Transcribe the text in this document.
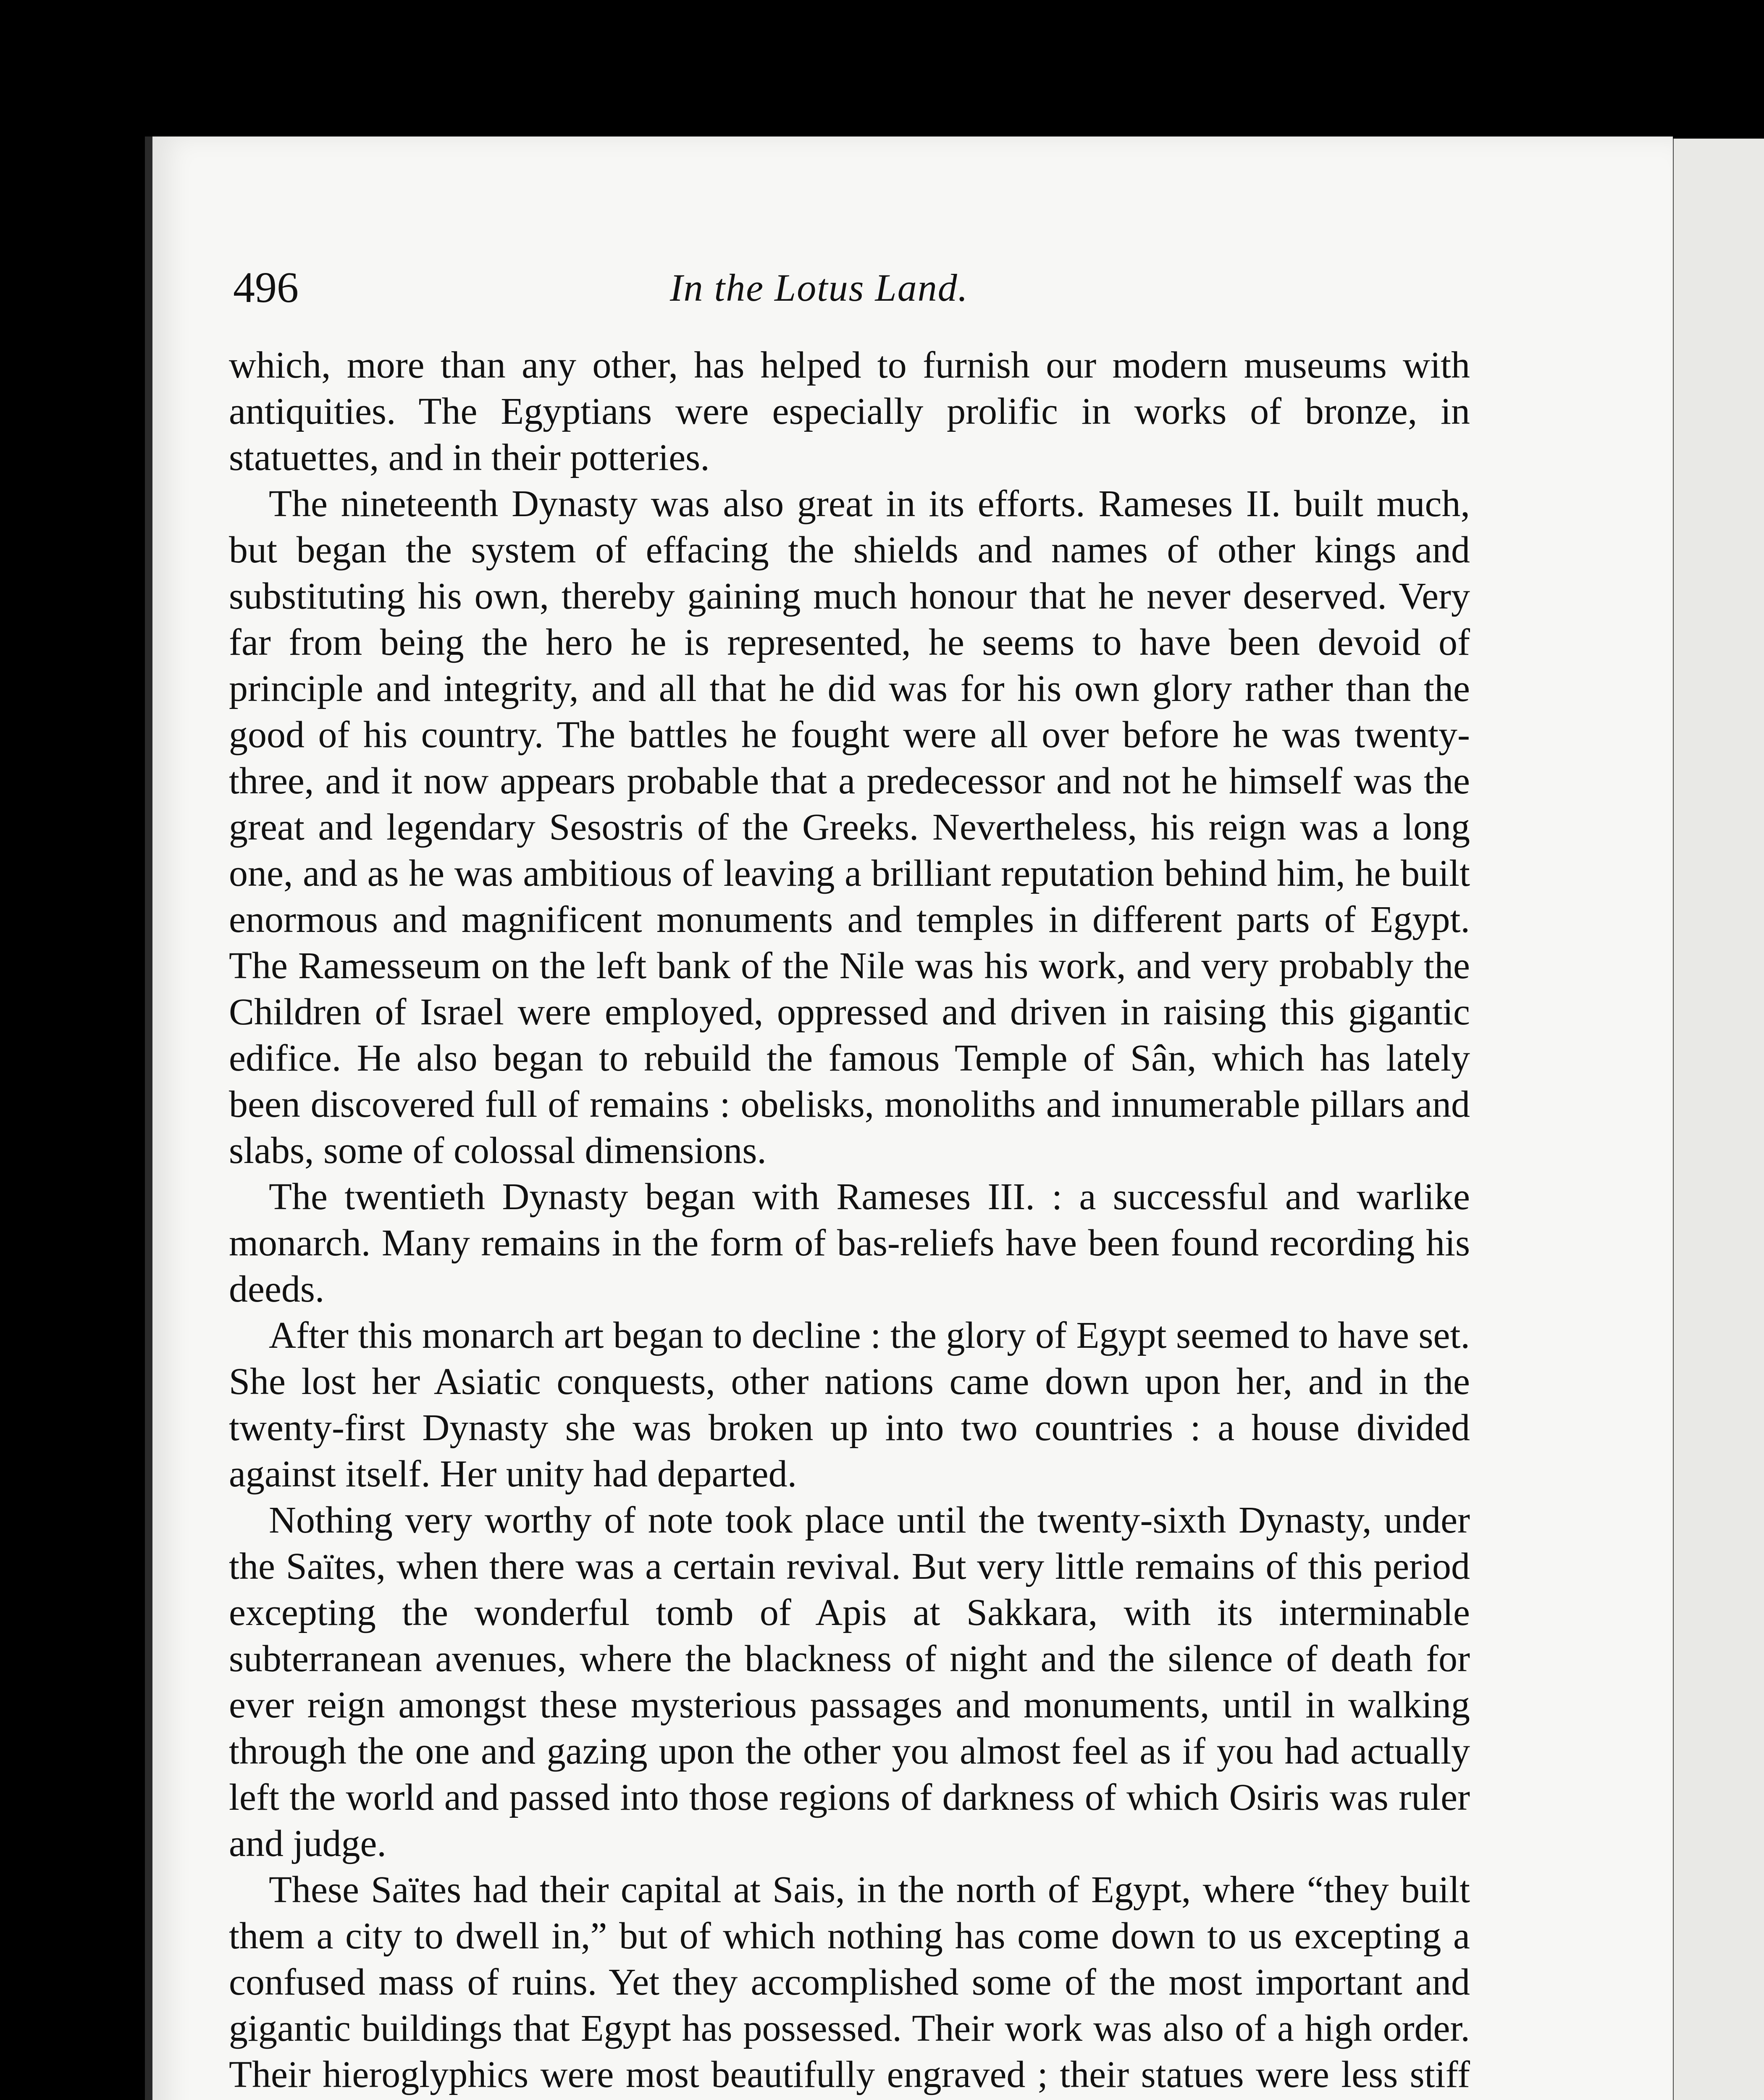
496	In the Lotus Land.

which, more than any other, has helped to furnish our modern museums with antiquities. The Egyptians were especially prolific in works of bronze, in statuettes, and in their potteries.

The nineteenth Dynasty was also great in its efforts. Rameses II. built much, but began the system of effacing the shields and names of other kings and substituting his own, thereby gaining much honour that he never deserved. Very far from being the hero he is represented, he seems to have been devoid of principle and integrity, and all that he did was for his own glory rather than the good of his country. The battles he fought were all over before he was twenty-three, and it now appears probable that a predecessor and not he himself was the great and legendary Sesostris of the Greeks. Nevertheless, his reign was a long one, and as he was ambitious of leaving a brilliant reputation behind him, he built enormous and magnificent monuments and temples in different parts of Egypt. The Ramesseum on the left bank of the Nile was his work, and very probably the Children of Israel were employed, oppressed and driven in raising this gigantic edifice. He also began to rebuild the famous Temple of Sân, which has lately been discovered full of remains : obelisks, monoliths and innumerable pillars and slabs, some of colossal dimensions.

The twentieth Dynasty began with Rameses III. : a successful and warlike monarch. Many remains in the form of bas-reliefs have been found recording his deeds.

After this monarch art began to decline : the glory of Egypt seemed to have set. She lost her Asiatic conquests, other nations came down upon her, and in the twenty-first Dynasty she was broken up into two countries : a house divided against itself. Her unity had departed.

Nothing very worthy of note took place until the twenty-sixth Dynasty, under the Saïtes, when there was a certain revival. But very little remains of this period excepting the wonderful tomb of Apis at Sakkara, with its interminable subterranean avenues, where the blackness of night and the silence of death for ever reign amongst these mysterious passages and monuments, until in walking through the one and gazing upon the other you almost feel as if you had actually left the world and passed into those regions of darkness of which Osiris was ruler and judge.

These Saïtes had their capital at Sais, in the north of Egypt, where “they built them a city to dwell in,” but of which nothing has come down to us excepting a confused mass of ruins. Yet they accomplished some of the most important and gigantic buildings that Egypt has possessed. Their work was also of a high order. Their hieroglyphics were most beautifully engraved ; their statues were less stiff
